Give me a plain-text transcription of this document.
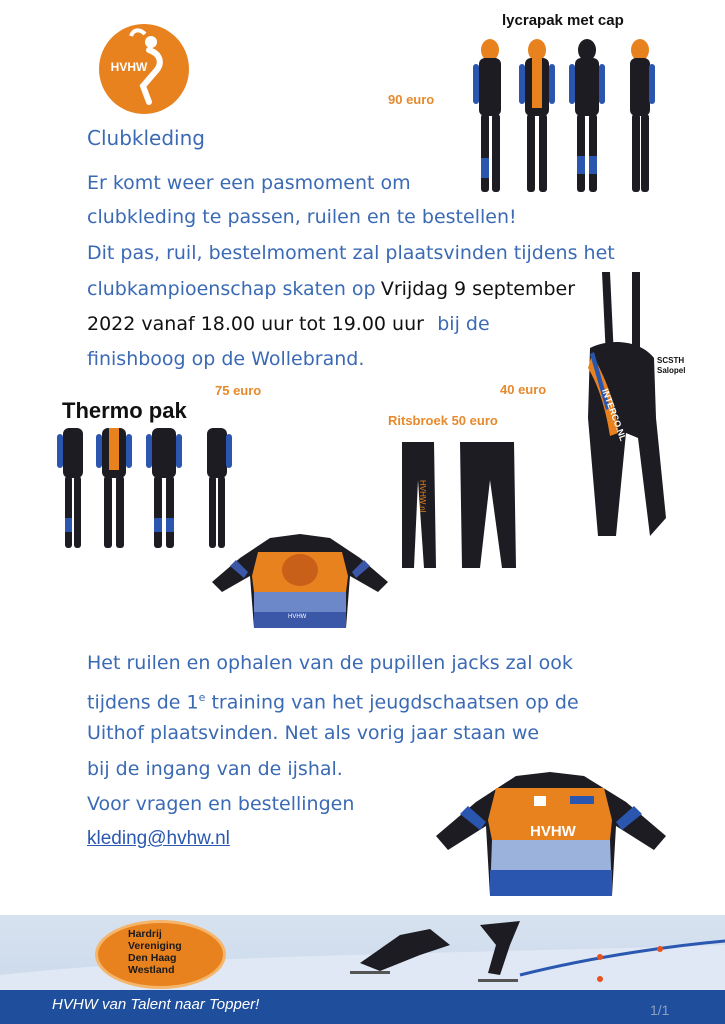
HVHW
Clubkleding
Er komt weer een pasmoment om
clubkleding te passen, ruilen en te bestellen!
Dit pas, ruil, bestelmoment zal plaatsvinden tijdens het
clubkampioenschap skaten op Vrijdag 9 september
2022 vanaf 18.00 uur tot 19.00 uur bij de
finishboog op de Wollebrand.
lycrapak met cap
90 euro
40 euro
SCSTH
Salopel
INTERCO.NL
Thermo pak
75 euro
Ritsbroek 50 euro
HVHW.nl
HVHW
Het ruilen en ophalen van de pupillen jacks zal ook
tijdens de 1e training van het jeugdschaatsen op de
Uithof plaatsvinden. Net als vorig jaar staan we
bij de ingang van de ijshal.
Voor vragen en bestellingen
kleding@hvhw.nl	HVHW
Hardrij
Vereniging
Den Haag
Westland
HVHW van Talent naar Topper!	1/1
